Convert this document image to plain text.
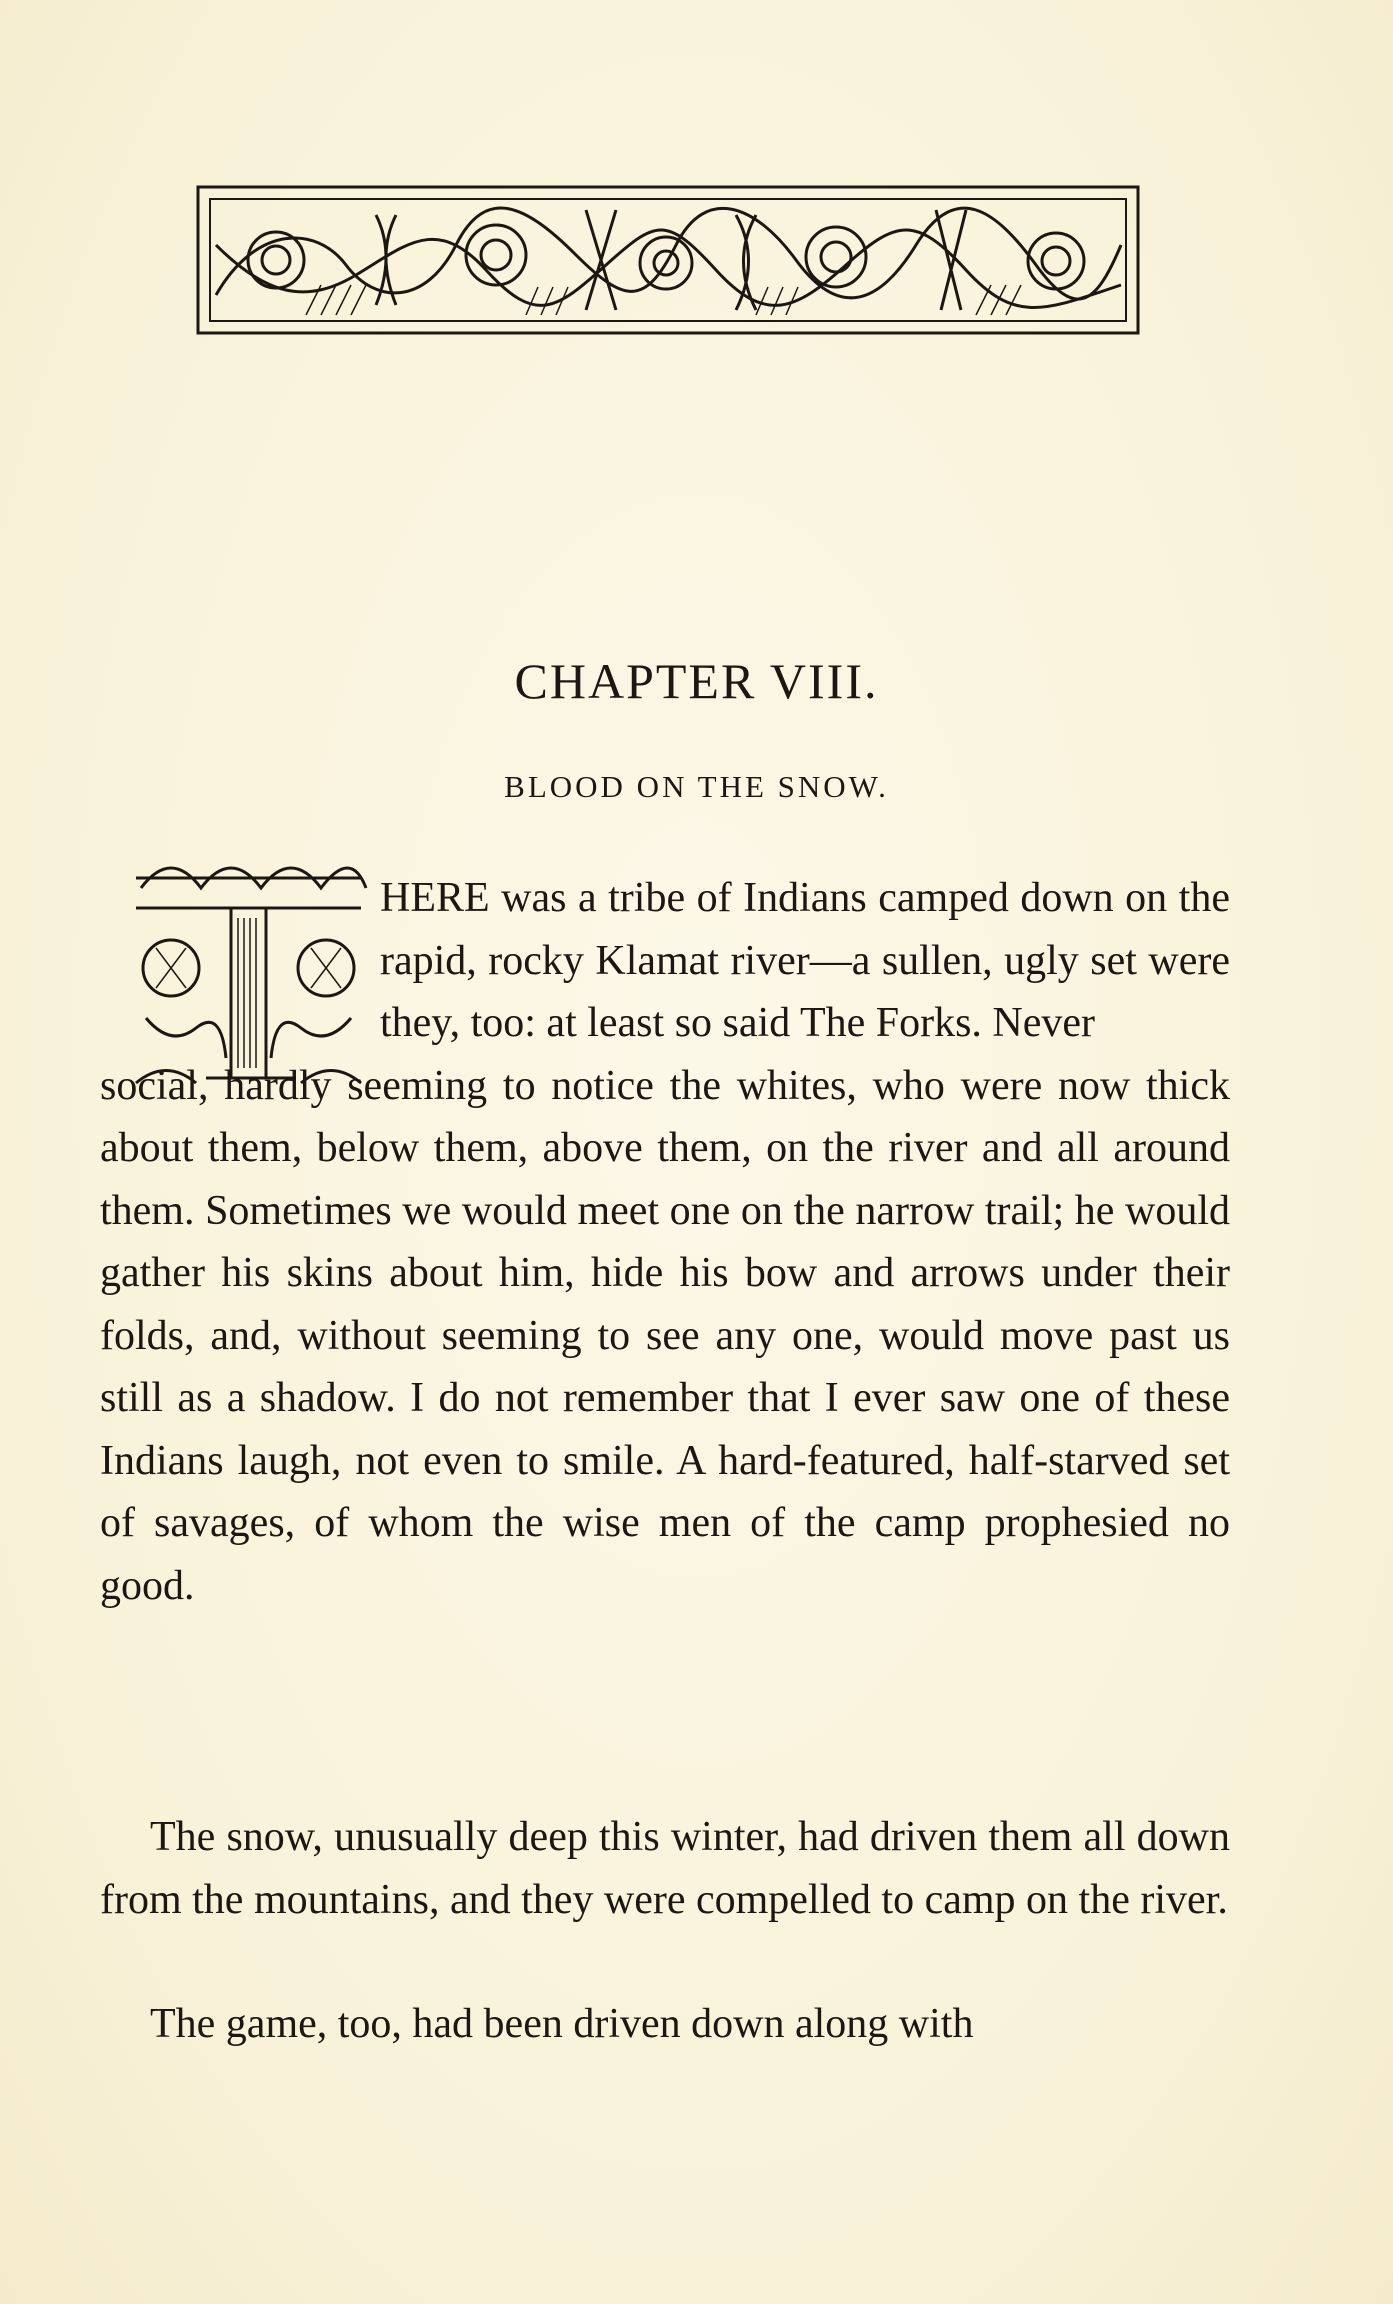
CHAPTER VIII.
BLOOD ON THE SNOW.

HERE was a tribe of Indians camped down on the rapid, rocky Klamat river—a sullen, ugly set were they, too: at least so said The Forks. Never

social, hardly seeming to notice the whites, who were now thick about them, below them, above them, on the river and all around them. Sometimes we would meet one on the narrow trail; he would gather his skins about him, hide his bow and arrows under their folds, and, without seeming to see any one, would move past us still as a shadow. I do not remember that I ever saw one of these Indians laugh, not even to smile. A hard-featured, half-starved set of savages, of whom the wise men of the camp prophesied no good.

The snow, unusually deep this winter, had driven them all down from the mountains, and they were compelled to camp on the river.

The game, too, had been driven down along with
